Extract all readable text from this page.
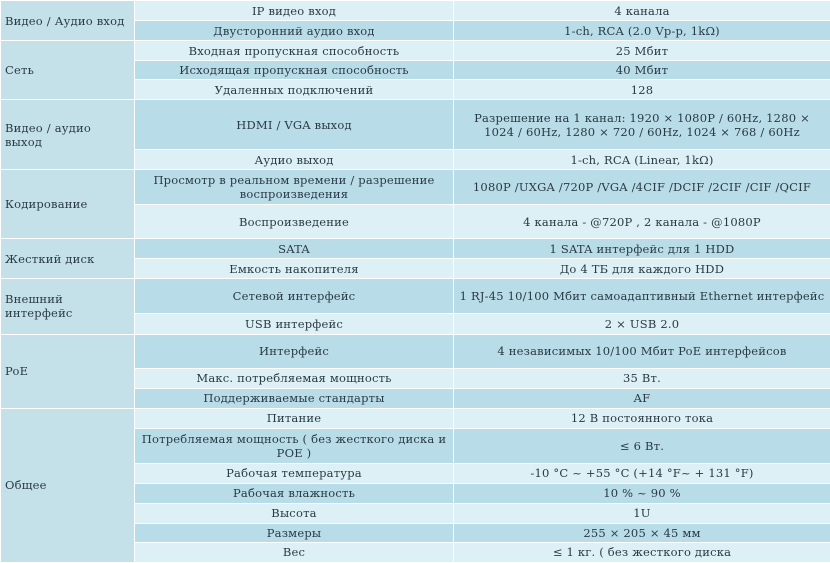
Видео / Аудио вход	IP видео вход	4 канала
	Двусторонний аудио вход	1-ch, RCA (2.0 Vp-p, 1kΩ)
Сеть	Входная пропускная способность	25 Мбит
	Исходящая пропускная способность	40 Мбит
	Удаленных подключений	128
Видео / аудио выход	HDMI / VGA выход	Разрешение на 1 канал: 1920 × 1080P / 60Hz, 1280 × 1024 / 60Hz, 1280 × 720 / 60Hz, 1024 × 768 / 60Hz
	Аудио выход	1-ch, RCA (Linear, 1kΩ)
Кодирование	Просмотр в реальном времени / разрешение воспроизведения	1080P /UXGA /720P /VGA /4CIF /DCIF /2CIF /CIF /QCIF
	Воспроизведение	4 канала - @720P , 2 канала - @1080P
Жесткий диск	SATA	1 SATA интерфейс для 1 HDD
	Емкость накопителя	До 4 ТБ для каждого HDD
Внешний интерфейс	Сетевой интерфейс	1 RJ-45 10/100 Мбит самоадаптивный Ethernet интерфейс
	USB интерфейс	2 × USB 2.0
PoE	Интерфейс	4 независимых 10/100 Мбит PoE интерфейсов
	Макс. потребляемая мощность	35 Вт.
	Поддерживаемые стандарты	AF
Общее	Питание	12 В постоянного тока
	Потребляемая мощность ( без жесткого диска и POE )	≤ 6 Вт.
	Рабочая температура	-10 °C ~ +55 °C (+14 °F~ + 131 °F)
	Рабочая влажность	10 % ~ 90 %
	Высота	1U
	Размеры	255 × 205 × 45 мм
	Вес	≤ 1 кг. ( без жесткого диска
